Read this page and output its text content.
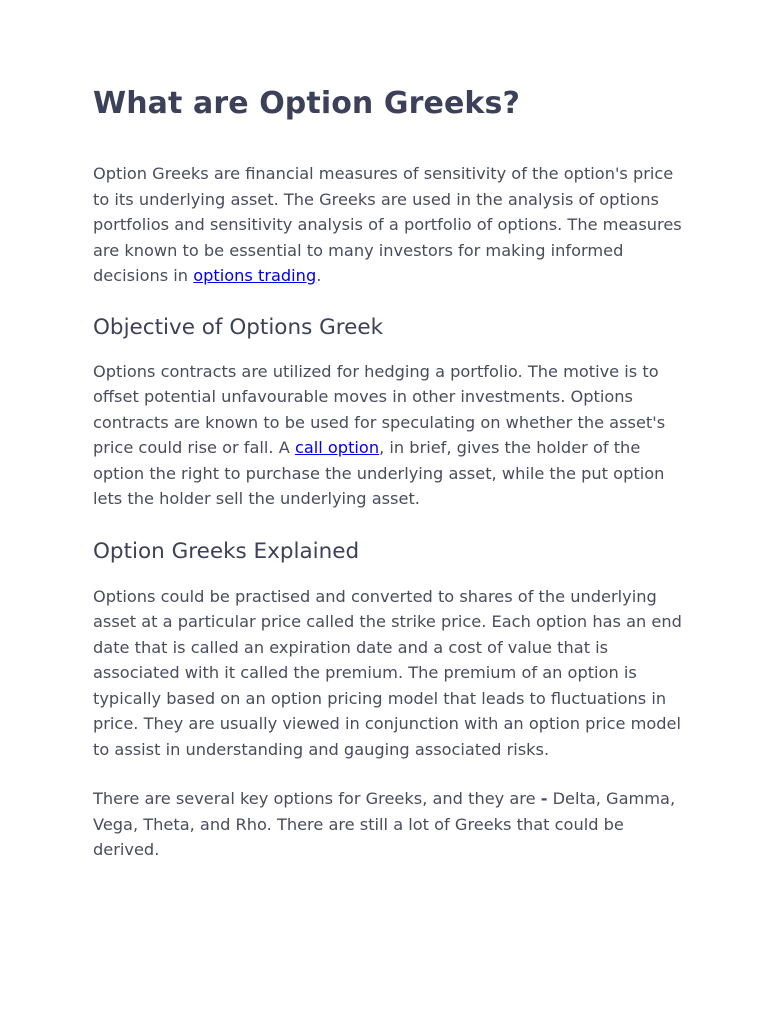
What are Option Greeks?

Option Greeks are financial measures of sensitivity of the option's price to its underlying asset. The Greeks are used in the analysis of options portfolios and sensitivity analysis of a portfolio of options. The measures are known to be essential to many investors for making informed decisions in options trading.

Objective of Options Greek

Options contracts are utilized for hedging a portfolio. The motive is to offset potential unfavourable moves in other investments. Options contracts are known to be used for speculating on whether the asset's price could rise or fall. A call option, in brief, gives the holder of the option the right to purchase the underlying asset, while the put option lets the holder sell the underlying asset.

Option Greeks Explained

Options could be practised and converted to shares of the underlying asset at a particular price called the strike price. Each option has an end date that is called an expiration date and a cost of value that is associated with it called the premium. The premium of an option is typically based on an option pricing model that leads to fluctuations in price. They are usually viewed in conjunction with an option price model to assist in understanding and gauging associated risks.

There are several key options for Greeks, and they are - Delta, Gamma, Vega, Theta, and Rho. There are still a lot of Greeks that could be derived.
